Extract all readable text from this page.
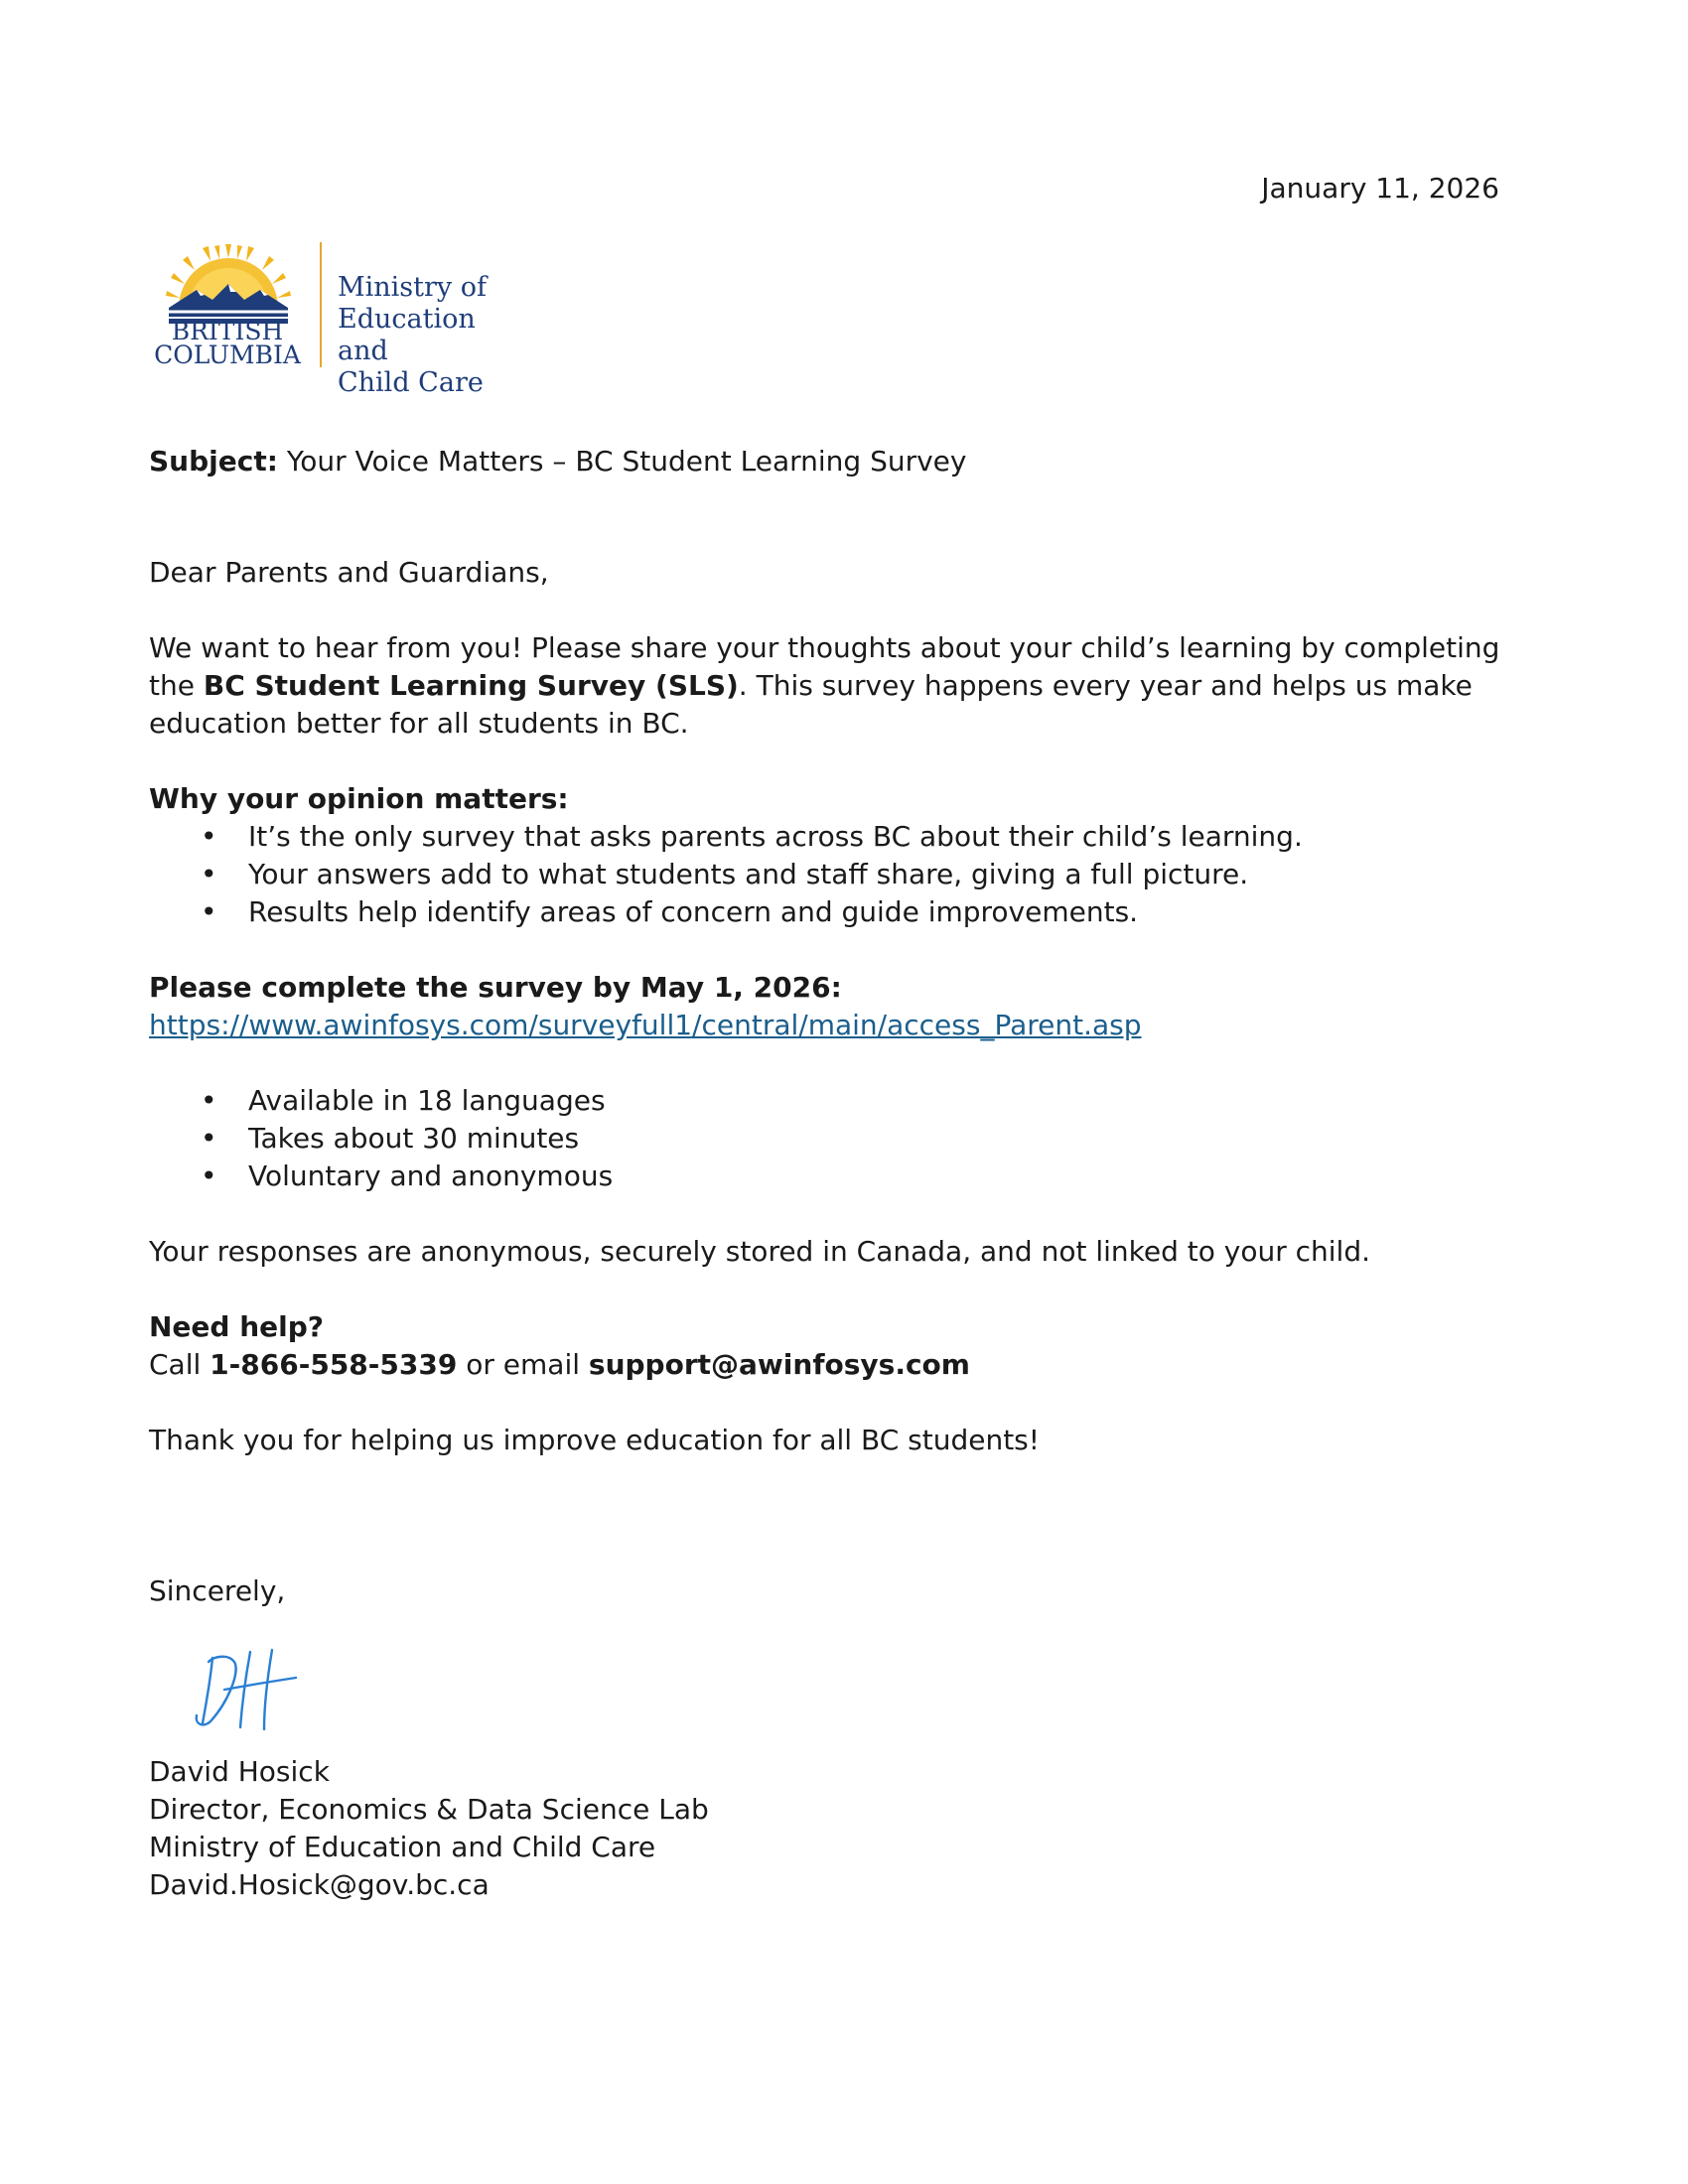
January 11, 2026
BRITISH
COLUMBIA
Ministry of
Education and
Child Care
Subject: Your Voice Matters – BC Student Learning Survey
Dear Parents and Guardians,

We want to hear from you! Please share your thoughts about your child’s learning by completing the BC Student Learning Survey (SLS). This survey happens every year and helps us make education better for all students in BC.

Why your opinion matters:

• It’s the only survey that asks parents across BC about their child’s learning.
• Your answers add to what students and staff share, giving a full picture.
• Results help identify areas of concern and guide improvements.

Please complete the survey by May 1, 2026:

https://www.awinfosys.com/surveyfull1/central/main/access_Parent.asp

• Available in 18 languages
• Takes about 30 minutes
• Voluntary and anonymous
Your responses are anonymous, securely stored in Canada, and not linked to your child.

Need help?

Call 1-866-558-5339 or email support@awinfosys.com

Thank you for helping us improve education for all BC students!
Sincerely,

David Hosick

Director, Economics & Data Science Lab

Ministry of Education and Child Care

David.Hosick@gov.bc.ca
